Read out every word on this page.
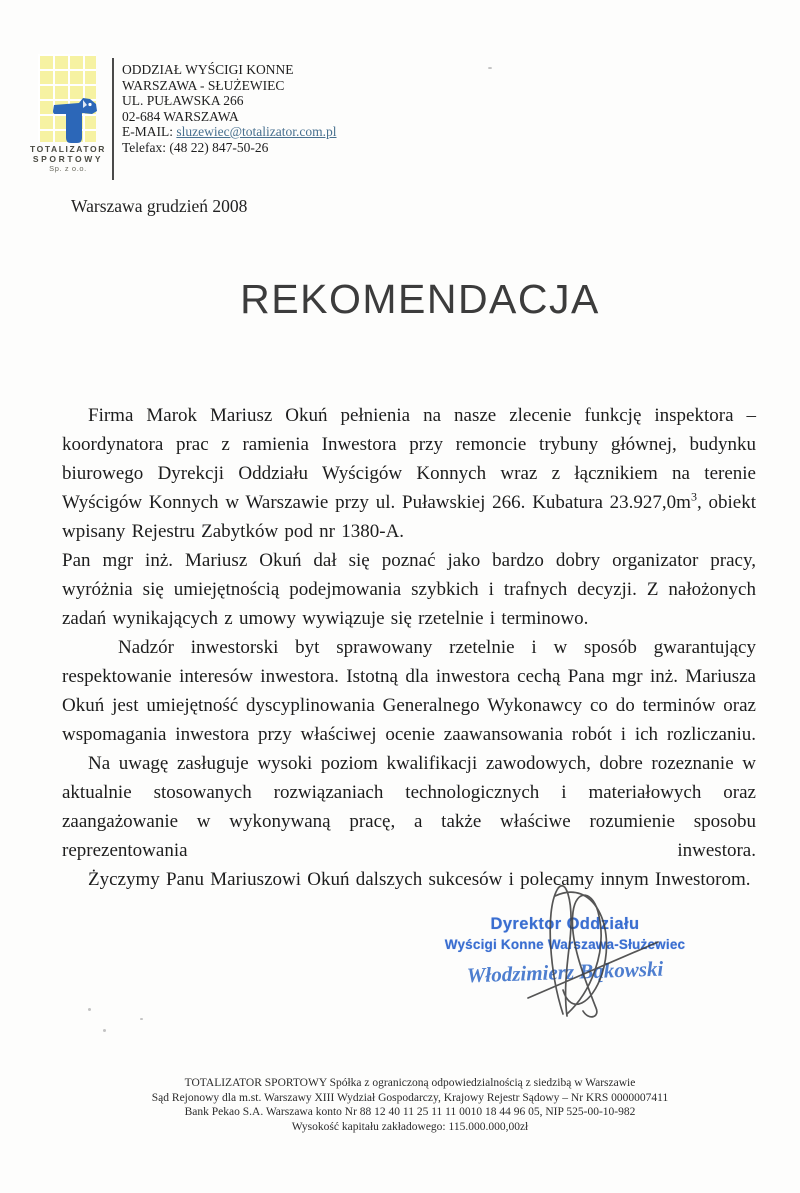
TOTALIZATOR
SPORTOWY
Sp. z o.o.
ODDZIAŁ WYŚCIGI KONNE
WARSZAWA - SŁUŻEWIEC
UL. PUŁAWSKA 266
02-684 WARSZAWA
E-MAIL: sluzewiec@totalizator.com.pl
Telefax: (48 22) 847-50-26
Warszawa grudzień 2008
REKOMENDACJA

Firma Marok Mariusz Okuń pełnienia na nasze zlecenie funkcję inspektora – koordynatora prac z ramienia Inwestora przy remoncie trybuny głównej, budynku biurowego Dyrekcji Oddziału Wyścigów Konnych wraz z łącznikiem na terenie Wyścigów Konnych w Warszawie przy ul. Puławskiej 266. Kubatura $23.927,0m^3$, obiekt wpisany Rejestru Zabytków pod nr 1380-A.

Pan mgr inż. Mariusz Okuń dał się poznać jako bardzo dobry organizator pracy, wyróżnia się umiejętnością podejmowania szybkich i trafnych decyzji. Z nałożonych zadań wynikających z umowy wywiązuje się rzetelnie i terminowo.

Nadzór inwestorski byt sprawowany rzetelnie i w sposób gwarantujący respektowanie interesów inwestora. Istotną dla inwestora cechą Pana mgr inż. Mariusza Okuń jest umiejętność dyscyplinowania Generalnego Wykonawcy co do terminów oraz wspomagania inwestora przy właściwej ocenie zaawansowania robót i ich rozliczaniu.

Na uwagę zasługuje wysoki poziom kwalifikacji zawodowych, dobre rozeznanie w aktualnie stosowanych rozwiązaniach technologicznych i materiałowych oraz zaangażowanie w wykonywaną pracę, a także właściwe rozumienie sposobu reprezentowania inwestora.

Życzymy Panu Mariuszowi Okuń dalszych sukcesów i polecamy innym Inwestorom.

Dyrektor Oddziału
Wyścigi Konne Warszawa-Służewiec
Włodzimierz Bąkowski
TOTALIZATOR SPORTOWY Spółka z ograniczoną odpowiedzialnością z siedzibą w Warszawie
Sąd Rejonowy dla m.st. Warszawy XIII Wydział Gospodarczy, Krajowy Rejestr Sądowy – Nr KRS 0000007411
Bank Pekao S.A. Warszawa konto Nr 88 12 40 11 25 11 11 0010 18 44 96 05, NIP 525-00-10-982
Wysokość kapitału zakładowego: 115.000.000,00zł
